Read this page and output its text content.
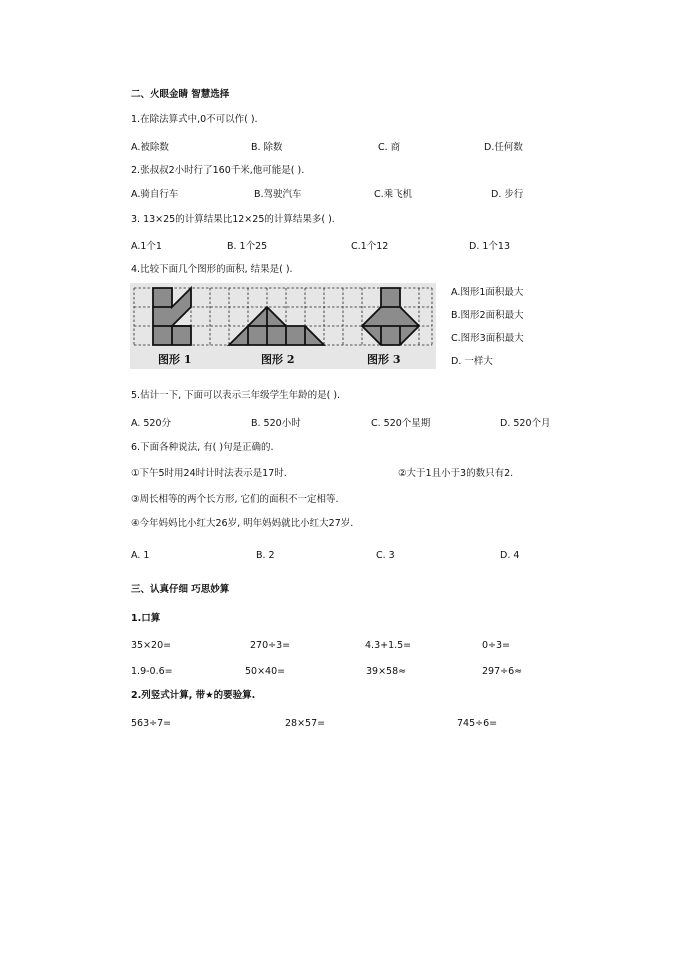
二、火眼金睛 智慧选择
1.在除法算式中,0不可以作( ).
A.被除数	B. 除数	C. 商	D.任何数
2.张叔叔2小时行了160千米,他可能是( ).
A.骑自行车	B.驾驶汽车	C.乘飞机	D. 步行
3. 13×25的计算结果比12×25的计算结果多( ).
A.1个1	B. 1个25	C.1个12	D. 1个13
4.比较下面几个图形的面积, 结果是( ).
图形 1	图形 2	图形 3
A.图形1面积最大
B.图形2面积最大
C.图形3面积最大
D. 一样大
5.估计一下, 下面可以表示三年级学生年龄的是( ).
A. 520分	B. 520小时	C. 520个星期	D. 520个月
6.下面各种说法, 有( )句是正确的.
①下午5时用24时计时法表示是17时.	②大于1且小于3的数只有2.
③周长相等的两个长方形, 它们的面积不一定相等.
④今年妈妈比小红大26岁, 明年妈妈就比小红大27岁.
A. 1	B. 2	C. 3	D. 4
三、认真仔细 巧思妙算
1.口算
35×20=	270÷3=	4.3+1.5=	0÷3=
1.9-0.6=	50×40=	39×58≈	297÷6≈
2.列竖式计算, 带★的要验算.
563÷7=	28×57=	745÷6=
